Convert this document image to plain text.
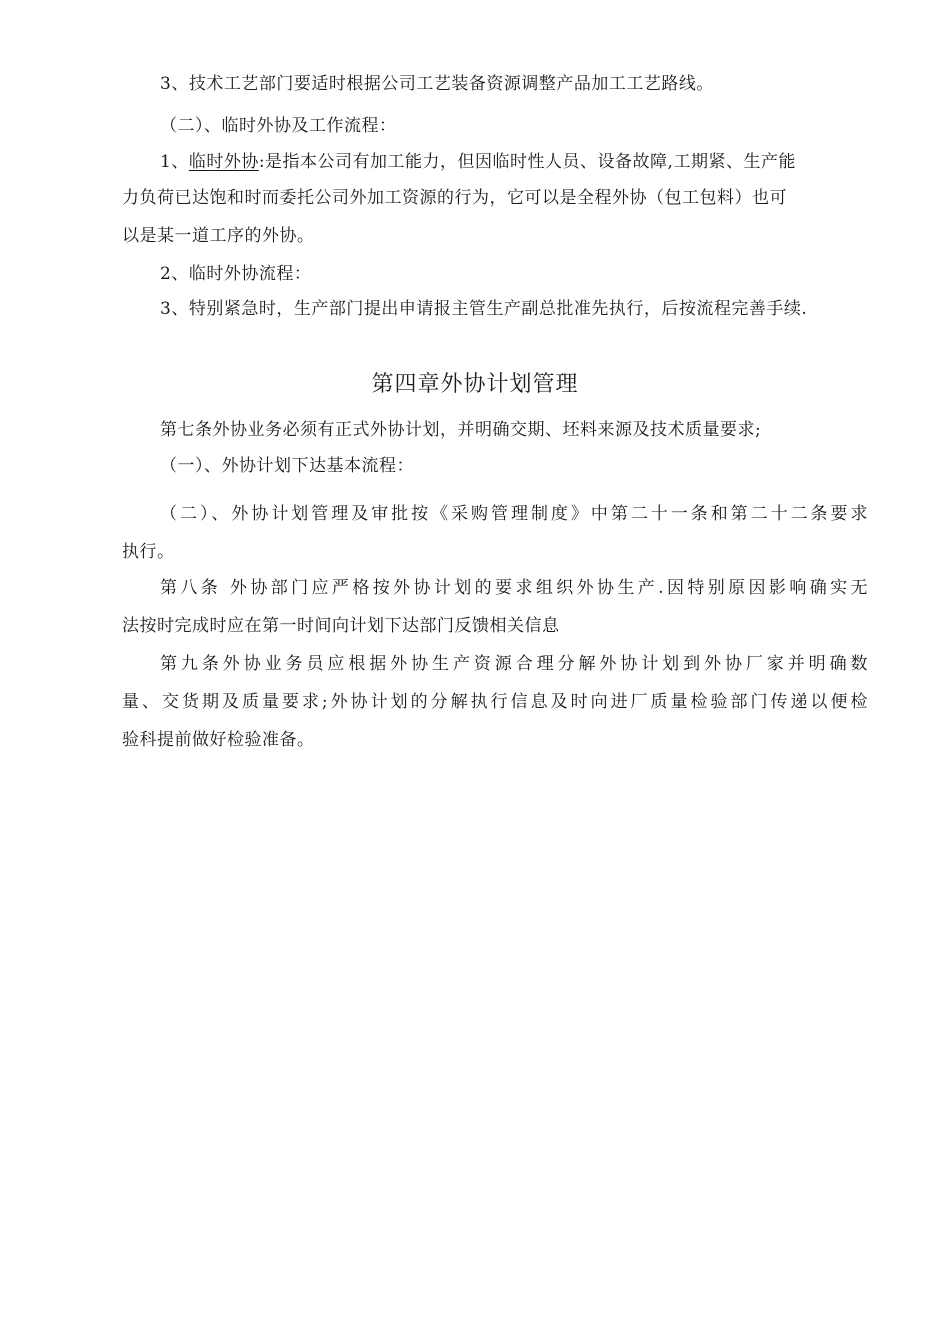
3、技术工艺部门要适时根据公司工艺装备资源调整产品加工工艺路线。
（二）、临时外协及工作流程：
1、临时外协:是指本公司有加工能力，但因临时性人员、设备故障,工期紧、生产能
力负荷已达饱和时而委托公司外加工资源的行为，它可以是全程外协（包工包料）也可
以是某一道工序的外协。
2、临时外协流程：
3、特别紧急时，生产部门提出申请报主管生产副总批准先执行，后按流程完善手续.
第四章外协计划管理
第七条外协业务必须有正式外协计划，并明确交期、坯料来源及技术质量要求;
（一）、外协计划下达基本流程：
（二）、外协计划管理及审批按《采购管理制度》中第二十一条和第二十二条要求
执行。
第八条 外协部门应严格按外协计划的要求组织外协生产.因特别原因影响确实无
法按时完成时应在第一时间向计划下达部门反馈相关信息
第九条外协业务员应根据外协生产资源合理分解外协计划到外协厂家并明确数
量、交货期及质量要求;外协计划的分解执行信息及时向进厂质量检验部门传递以便检
验科提前做好检验准备。
